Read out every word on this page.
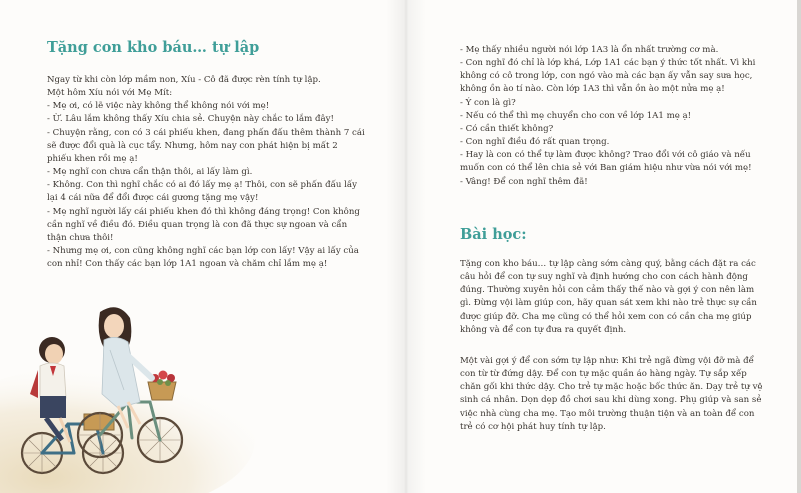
Tặng con kho báu… tự lập

Ngay từ khi còn lớp mầm non, Xíu - Cô đã được rèn tính tự lập.

Một hôm Xíu nói với Mẹ Mít:

- Mẹ ơi, có lẽ việc này không thể không nói với mẹ!

- Ừ. Lâu lắm không thấy Xíu chia sẻ. Chuyện này chắc to lắm đây!

- Chuyện rằng, con có 3 cái phiếu khen, đang phấn đấu thêm thành 7 cái sẽ được đổi quà là cục tẩy. Nhưng, hôm nay con phát hiện bị mất 2 phiếu khen rồi mẹ ạ!

- Mẹ nghĩ con chưa cẩn thận thôi, ai lấy làm gì.

- Không. Con thì nghĩ chắc có ai đó lấy mẹ ạ! Thôi, con sẽ phấn đấu lấy lại 4 cái nữa để đổi được cái gương tặng mẹ vậy!

- Mẹ nghĩ người lấy cái phiếu khen đó thì không đáng trọng! Con không cần nghĩ về điều đó. Điều quan trọng là con đã thực sự ngoan và cẩn thận chưa thôi!

- Nhưng mẹ ơi, con cũng không nghĩ các bạn lớp con lấy! Vậy ai lấy của con nhỉ! Con thấy các bạn lớp 1A1 ngoan và chăm chỉ lắm mẹ ạ!

- Mẹ thấy nhiều người nói lớp 1A3 là ổn nhất trường cơ mà.

- Con nghĩ đó chỉ là lớp khá, Lớp 1A1 các bạn ý thức tốt nhất. Vì khi không có cô trong lớp, con ngó vào mà các bạn ấy vẫn say sưa học, không ồn ào tí nào. Còn lớp 1A3 thì vẫn ồn ào một nửa mẹ ạ!

- Ý con là gì?

- Nếu có thể thì mẹ chuyển cho con về lớp 1A1 mẹ ạ!

- Có cần thiết không?

- Con nghĩ điều đó rất quan trọng.

- Hay là con có thể tự làm được không? Trao đổi với cô giáo và nếu muốn con có thể lên chia sẻ với Ban giám hiệu như vừa nói với mẹ!

- Vâng! Để con nghĩ thêm đã!

Bài học:

Tặng con kho báu… tự lập càng sớm càng quý, bằng cách đặt ra các câu hỏi để con tự suy nghĩ và định hướng cho con cách hành động đúng. Thường xuyên hỏi con cảm thấy thế nào và gợi ý con nên làm gì. Đừng vội làm giúp con, hãy quan sát xem khi nào trẻ thực sự cần được giúp đỡ. Cha mẹ cũng có thể hỏi xem con có cần cha mẹ giúp không và để con tự đưa ra quyết định.

Một vài gợi ý để con sớm tự lập như: Khi trẻ ngã đừng vội đỡ mà để con từ từ đứng dậy. Để con tự mặc quần áo hàng ngày. Tự sắp xếp chăn gối khi thức dậy. Cho trẻ tự mặc hoặc bốc thức ăn. Dạy trẻ tự vệ sinh cá nhân. Dọn dẹp đồ chơi sau khi dùng xong. Phụ giúp và san sẻ việc nhà cùng cha mẹ. Tạo môi trường thuận tiện và an toàn để con trẻ có cơ hội phát huy tính tự lập.
